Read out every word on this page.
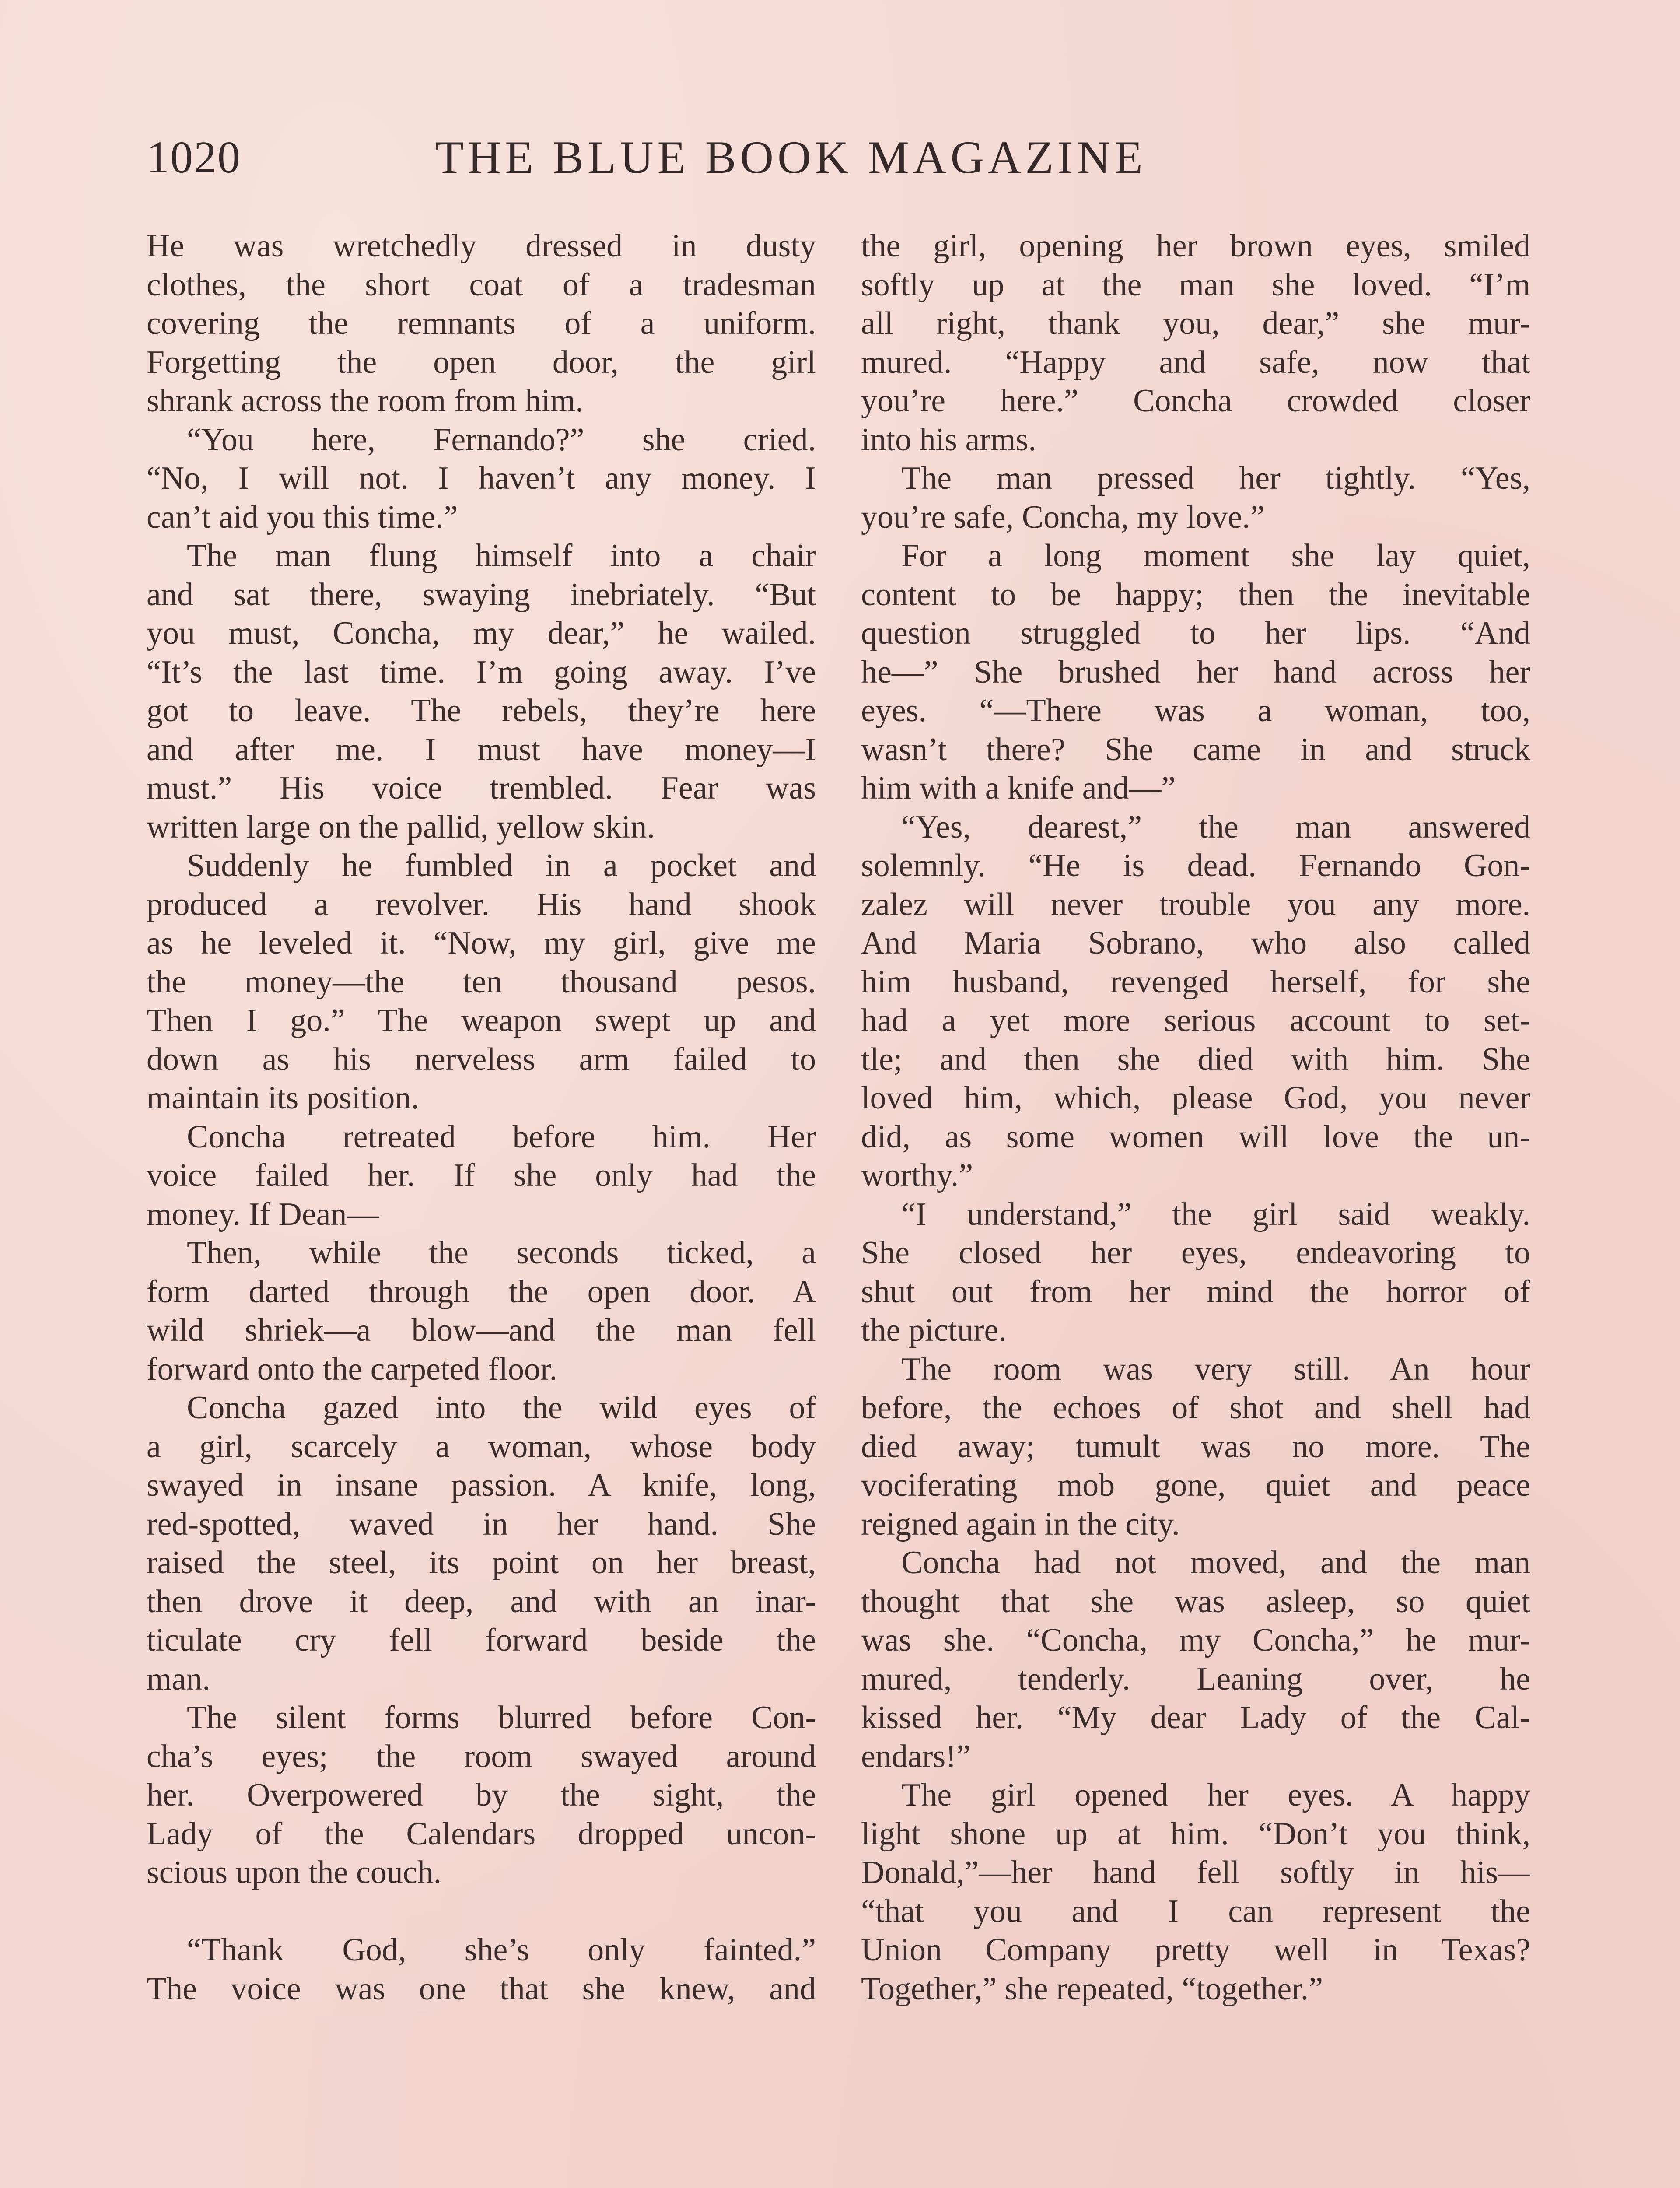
1020	THE BLUE BOOK MAGAZINE
He was wretchedly dressed in dusty
clothes, the short coat of a tradesman
covering the remnants of a uniform.
Forgetting the open door, the girl
shrank across the room from him.
“You here, Fernando?” she cried.
“No, I will not. I haven’t any money. I
can’t aid you this time.”
The man flung himself into a chair
and sat there, swaying inebriately. “But
you must, Concha, my dear,” he wailed.
“It’s the last time. I’m going away. I’ve
got to leave. The rebels, they’re here
and after me. I must have money—I
must.” His voice trembled. Fear was
written large on the pallid, yellow skin.
Suddenly he fumbled in a pocket and
produced a revolver. His hand shook
as he leveled it. “Now, my girl, give me
the money—the ten thousand pesos.
Then I go.” The weapon swept up and
down as his nerveless arm failed to
maintain its position.
Concha retreated before him. Her
voice failed her. If she only had the
money. If Dean—
Then, while the seconds ticked, a
form darted through the open door. A
wild shriek—a blow—and the man fell
forward onto the carpeted floor.
Concha gazed into the wild eyes of
a girl, scarcely a woman, whose body
swayed in insane passion. A knife, long,
red-spotted, waved in her hand. She
raised the steel, its point on her breast,
then drove it deep, and with an inar-
ticulate cry fell forward beside the
man.
The silent forms blurred before Con-
cha’s eyes; the room swayed around
her. Overpowered by the sight, the
Lady of the Calendars dropped uncon-
scious upon the couch.
“Thank God, she’s only fainted.”
The voice was one that she knew, and
the girl, opening her brown eyes, smiled
softly up at the man she loved. “I’m
all right, thank you, dear,” she mur-
mured. “Happy and safe, now that
you’re here.” Concha crowded closer
into his arms.
The man pressed her tightly. “Yes,
you’re safe, Concha, my love.”
For a long moment she lay quiet,
content to be happy; then the inevitable
question struggled to her lips. “And
he—” She brushed her hand across her
eyes. “—There was a woman, too,
wasn’t there? She came in and struck
him with a knife and—”
“Yes, dearest,” the man answered
solemnly. “He is dead. Fernando Gon-
zalez will never trouble you any more.
And Maria Sobrano, who also called
him husband, revenged herself, for she
had a yet more serious account to set-
tle; and then she died with him. She
loved him, which, please God, you never
did, as some women will love the un-
worthy.”
“I understand,” the girl said weakly.
She closed her eyes, endeavoring to
shut out from her mind the horror of
the picture.
The room was very still. An hour
before, the echoes of shot and shell had
died away; tumult was no more. The
vociferating mob gone, quiet and peace
reigned again in the city.
Concha had not moved, and the man
thought that she was asleep, so quiet
was she. “Concha, my Concha,” he mur-
mured, tenderly. Leaning over, he
kissed her. “My dear Lady of the Cal-
endars!”
The girl opened her eyes. A happy
light shone up at him. “Don’t you think,
Donald,”—her hand fell softly in his—
“that you and I can represent the
Union Company pretty well in Texas?
Together,” she repeated, “together.”
